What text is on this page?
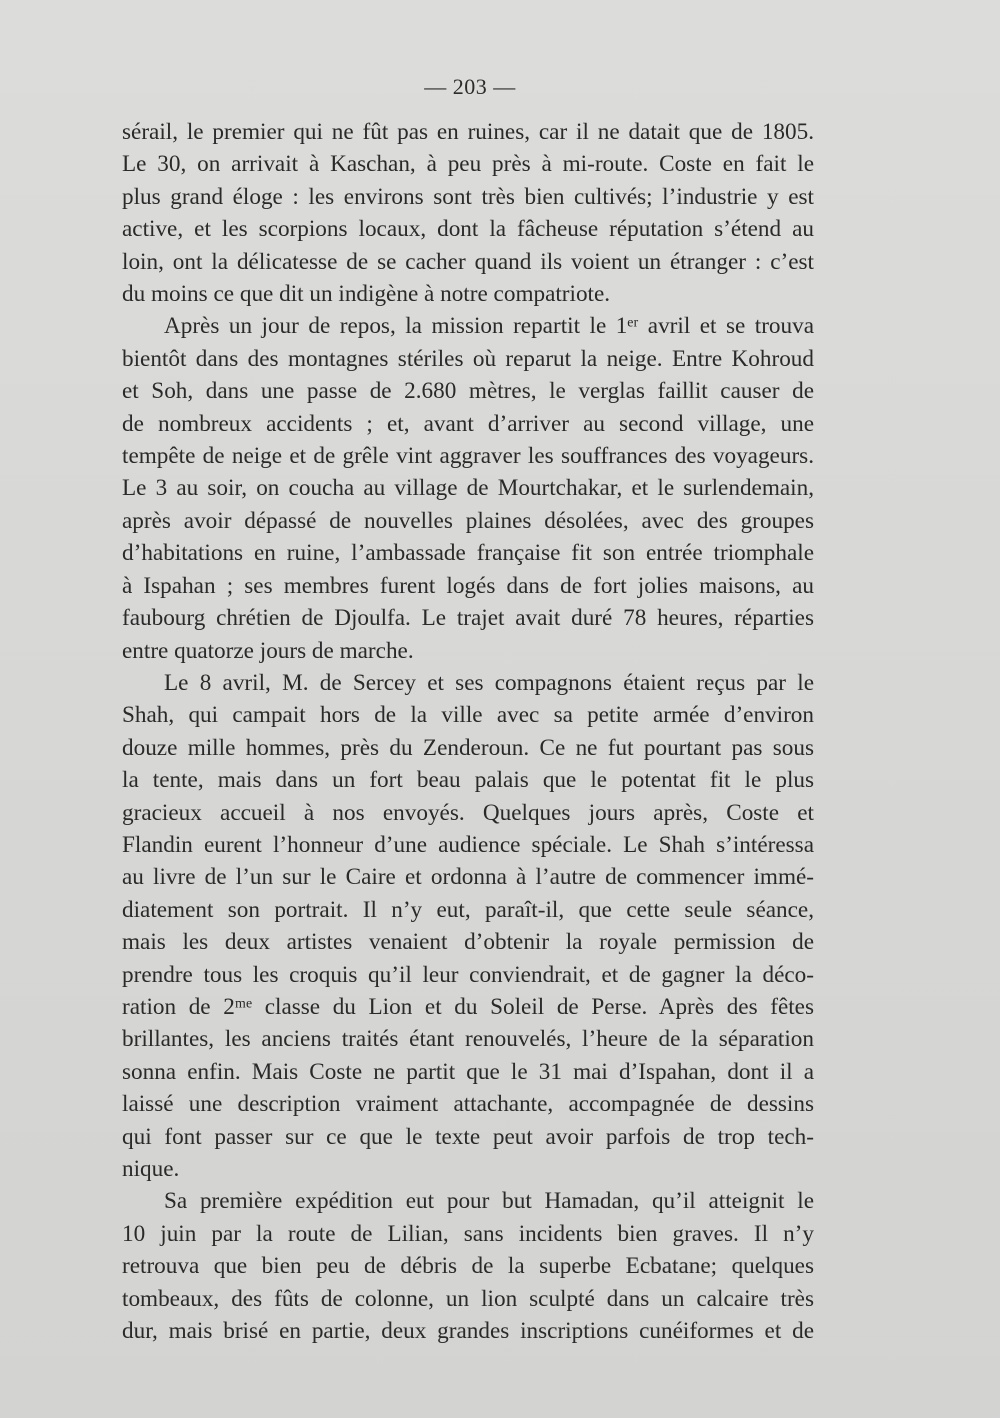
— 203 —
sérail, le premier qui ne fût pas en ruines, car il ne datait que de 1805.
Le 30, on arrivait à Kaschan, à peu près à mi-route. Coste en fait le
plus grand éloge : les environs sont très bien cultivés; l’industrie y est
active, et les scorpions locaux, dont la fâcheuse réputation s’étend au
loin, ont la délicatesse de se cacher quand ils voient un étranger : c’est
du moins ce que dit un indigène à notre compatriote.
Après un jour de repos, la mission repartit le 1ᵉʳ avril et se trouva
bientôt dans des montagnes stériles où reparut la neige. Entre Kohroud
et Soh, dans une passe de 2.680 mètres, le verglas faillit causer de
de nombreux accidents ; et, avant d’arriver au second village, une
tempête de neige et de grêle vint aggraver les souffrances des voyageurs.
Le 3 au soir, on coucha au village de Mourtchakar, et le surlendemain,
après avoir dépassé de nouvelles plaines désolées, avec des groupes
d’habitations en ruine, l’ambassade française fit son entrée triomphale
à Ispahan ; ses membres furent logés dans de fort jolies maisons, au
faubourg chrétien de Djoulfa. Le trajet avait duré 78 heures, réparties
entre quatorze jours de marche.
Le 8 avril, M. de Sercey et ses compagnons étaient reçus par le
Shah, qui campait hors de la ville avec sa petite armée d’environ
douze mille hommes, près du Zenderoun. Ce ne fut pourtant pas sous
la tente, mais dans un fort beau palais que le potentat fit le plus
gracieux accueil à nos envoyés. Quelques jours après, Coste et
Flandin eurent l’honneur d’une audience spéciale. Le Shah s’intéressa
au livre de l’un sur le Caire et ordonna à l’autre de commencer immé-
diatement son portrait. Il n’y eut, paraît-il, que cette seule séance,
mais les deux artistes venaient d’obtenir la royale permission de
prendre tous les croquis qu’il leur conviendrait, et de gagner la déco-
ration de 2ᵐᵉ classe du Lion et du Soleil de Perse. Après des fêtes
brillantes, les anciens traités étant renouvelés, l’heure de la séparation
sonna enfin. Mais Coste ne partit que le 31 mai d’Ispahan, dont il a
laissé une description vraiment attachante, accompagnée de dessins
qui font passer sur ce que le texte peut avoir parfois de trop tech-
nique.
Sa première expédition eut pour but Hamadan, qu’il atteignit le
10 juin par la route de Lilian, sans incidents bien graves. Il n’y
retrouva que bien peu de débris de la superbe Ecbatane; quelques
tombeaux, des fûts de colonne, un lion sculpté dans un calcaire très
dur, mais brisé en partie, deux grandes inscriptions cunéiformes et de
